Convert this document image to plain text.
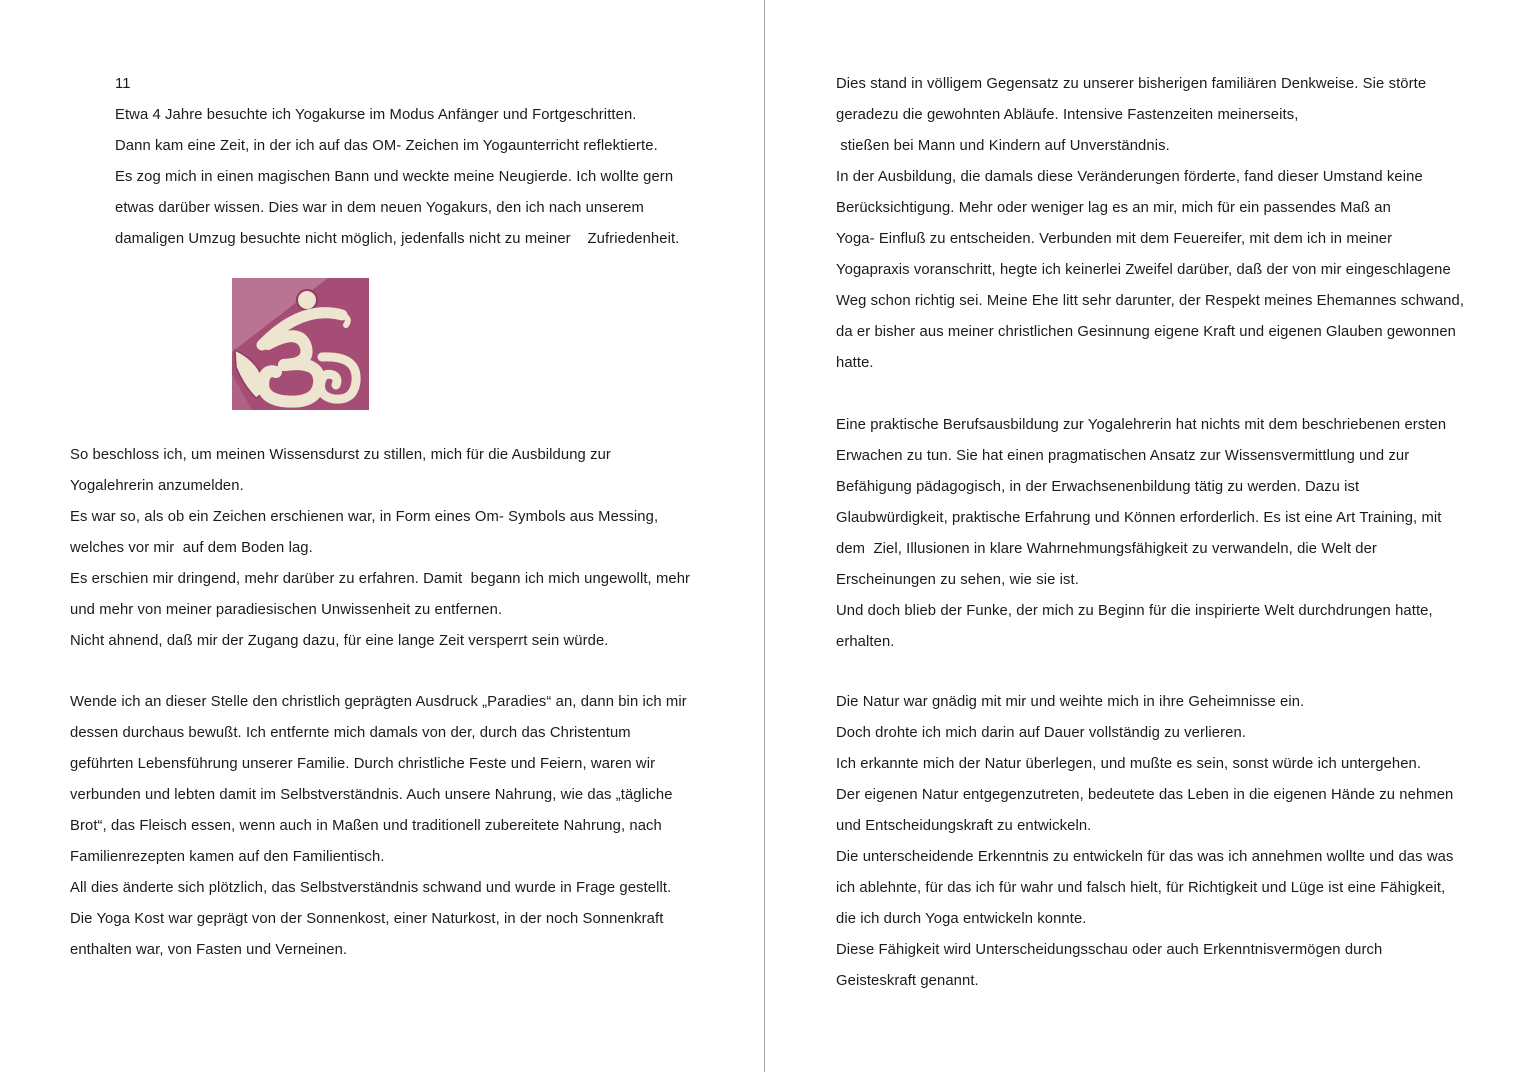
11
Etwa 4 Jahre besuchte ich Yogakurse im Modus Anfänger und Fortgeschritten.
Dann kam eine Zeit, in der ich auf das OM- Zeichen im Yogaunterricht reflektierte.
Es zog mich in einen magischen Bann und weckte meine Neugierde. Ich wollte gern
etwas darüber wissen. Dies war in dem neuen Yogakurs, den ich nach unserem
damaligen Umzug besuchte nicht möglich, jedenfalls nicht zu meiner    Zufriedenheit.
So beschloss ich, um meinen Wissensdurst zu stillen, mich für die Ausbildung zur
Yogalehrerin anzumelden.
Es war so, als ob ein Zeichen erschienen war, in Form eines Om- Symbols aus Messing,
welches vor mir  auf dem Boden lag.
Es erschien mir dringend, mehr darüber zu erfahren. Damit  begann ich mich ungewollt, mehr
und mehr von meiner paradiesischen Unwissenheit zu entfernen.
Nicht ahnend, daß mir der Zugang dazu, für eine lange Zeit versperrt sein würde.
Wende ich an dieser Stelle den christlich geprägten Ausdruck „Paradies“ an, dann bin ich mir
dessen durchaus bewußt. Ich entfernte mich damals von der, durch das Christentum
geführten Lebensführung unserer Familie. Durch christliche Feste und Feiern, waren wir
verbunden und lebten damit im Selbstverständnis. Auch unsere Nahrung, wie das „tägliche
Brot“, das Fleisch essen, wenn auch in Maßen und traditionell zubereitete Nahrung, nach
Familienrezepten kamen auf den Familientisch.
All dies änderte sich plötzlich, das Selbstverständnis schwand und wurde in Frage gestellt.
Die Yoga Kost war geprägt von der Sonnenkost, einer Naturkost, in der noch Sonnenkraft
enthalten war, von Fasten und Verneinen.
Dies stand in völligem Gegensatz zu unserer bisherigen familiären Denkweise. Sie störte
geradezu die gewohnten Abläufe. Intensive Fastenzeiten meinerseits,
stießen bei Mann und Kindern auf Unverständnis.
In der Ausbildung, die damals diese Veränderungen förderte, fand dieser Umstand keine
Berücksichtigung. Mehr oder weniger lag es an mir, mich für ein passendes Maß an
Yoga- Einfluß zu entscheiden. Verbunden mit dem Feuereifer, mit dem ich in meiner
Yogapraxis voranschritt, hegte ich keinerlei Zweifel darüber, daß der von mir eingeschlagene
Weg schon richtig sei. Meine Ehe litt sehr darunter, der Respekt meines Ehemannes schwand,
da er bisher aus meiner christlichen Gesinnung eigene Kraft und eigenen Glauben gewonnen
hatte.
Eine praktische Berufsausbildung zur Yogalehrerin hat nichts mit dem beschriebenen ersten
Erwachen zu tun. Sie hat einen pragmatischen Ansatz zur Wissensvermittlung und zur
Befähigung pädagogisch, in der Erwachsenenbildung tätig zu werden. Dazu ist
Glaubwürdigkeit, praktische Erfahrung und Können erforderlich. Es ist eine Art Training, mit
dem  Ziel, Illusionen in klare Wahrnehmungsfähigkeit zu verwandeln, die Welt der
Erscheinungen zu sehen, wie sie ist.
Und doch blieb der Funke, der mich zu Beginn für die inspirierte Welt durchdrungen hatte,
erhalten.
Die Natur war gnädig mit mir und weihte mich in ihre Geheimnisse ein.
Doch drohte ich mich darin auf Dauer vollständig zu verlieren.
Ich erkannte mich der Natur überlegen, und mußte es sein, sonst würde ich untergehen.
Der eigenen Natur entgegenzutreten, bedeutete das Leben in die eigenen Hände zu nehmen
und Entscheidungskraft zu entwickeln.
Die unterscheidende Erkenntnis zu entwickeln für das was ich annehmen wollte und das was
ich ablehnte, für das ich für wahr und falsch hielt, für Richtigkeit und Lüge ist eine Fähigkeit,
die ich durch Yoga entwickeln konnte.
Diese Fähigkeit wird Unterscheidungsschau oder auch Erkenntnisvermögen durch
Geisteskraft genannt.
